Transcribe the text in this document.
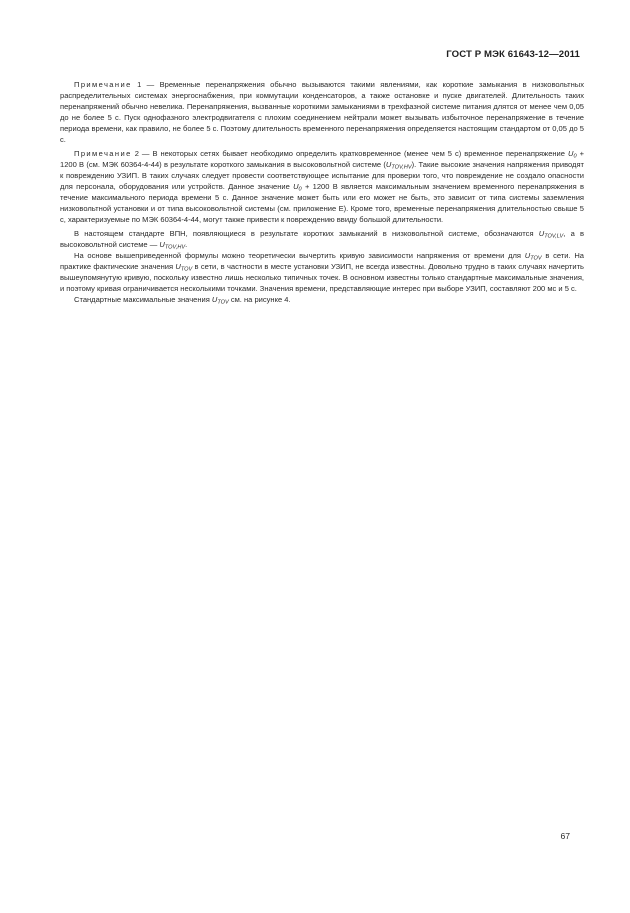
ГОСТ Р МЭК 61643-12—2011

Примечание 1 — Временные перенапряжения обычно вызываются такими явлениями, как короткие замыкания в низковольтных распределительных системах энергоснабжения, при коммутации конденсаторов, а также остановке и пуске двигателей. Длительность таких перенапряжений обычно невелика. Перенапряжения, вызванные короткими замыканиями в трехфазной системе питания длятся от менее чем 0,05 до не более 5 с. Пуск однофазного электродвигателя с плохим соединением нейтрали может вызывать избыточное перенапряжение в течение периода времени, как правило, не более 5 с. Поэтому длительность временного перенапряжения определяется настоящим стандартом от 0,05 до 5 с.

Примечание 2 — В некоторых сетях бывает необходимо определить кратковременное (менее чем 5 с) временное перенапряжение $U_0 + 1200$ В (см. МЭК 60364-4-44) в результате короткого замыкания в высоковольтной системе $(U_{TOV,HV})$. Такие высокие значения напряжения приводят к повреждению УЗИП. В таких случаях следует провести соответствующее испытание для проверки того, что повреждение не создало опасности для персонала, оборудования или устройств. Данное значение $U_0 + 1200$ В является максимальным значением временного перенапряжения в течение максимального периода времени 5 с. Данное значение может быть или его может не быть, это зависит от типа системы заземления низковольтной установки и от типа высоковольтной системы (см. приложение Е). Кроме того, временные перенапряжения длительностью свыше 5 с, характеризуемые по МЭК 60364-4-44, могут также привести к повреждению ввиду большой длительности.

В настоящем стандарте ВПН, появляющиеся в результате коротких замыканий в низковольтной системе, обозначаются $U_{TOV,LV}$, а в высоковольтной системе — $U_{TOV,HV}$.

На основе вышеприведенной формулы можно теоретически вычертить кривую зависимости напряжения от времени для $U_{TOV}$ в сети. На практике фактические значения $U_{TOV}$ в сети, в частности в месте установки УЗИП, не всегда известны. Довольно трудно в таких случаях начертить вышеупомянутую кривую, поскольку известно лишь несколько типичных точек. В основном известны только стандартные максимальные значения, и поэтому кривая ограничивается несколькими точками. Значения времени, представляющие интерес при выборе УЗИП, составляют 200 мс и 5 с.

Стандартные максимальные значения $U_{TOV}$ см. на рисунке 4.

67
